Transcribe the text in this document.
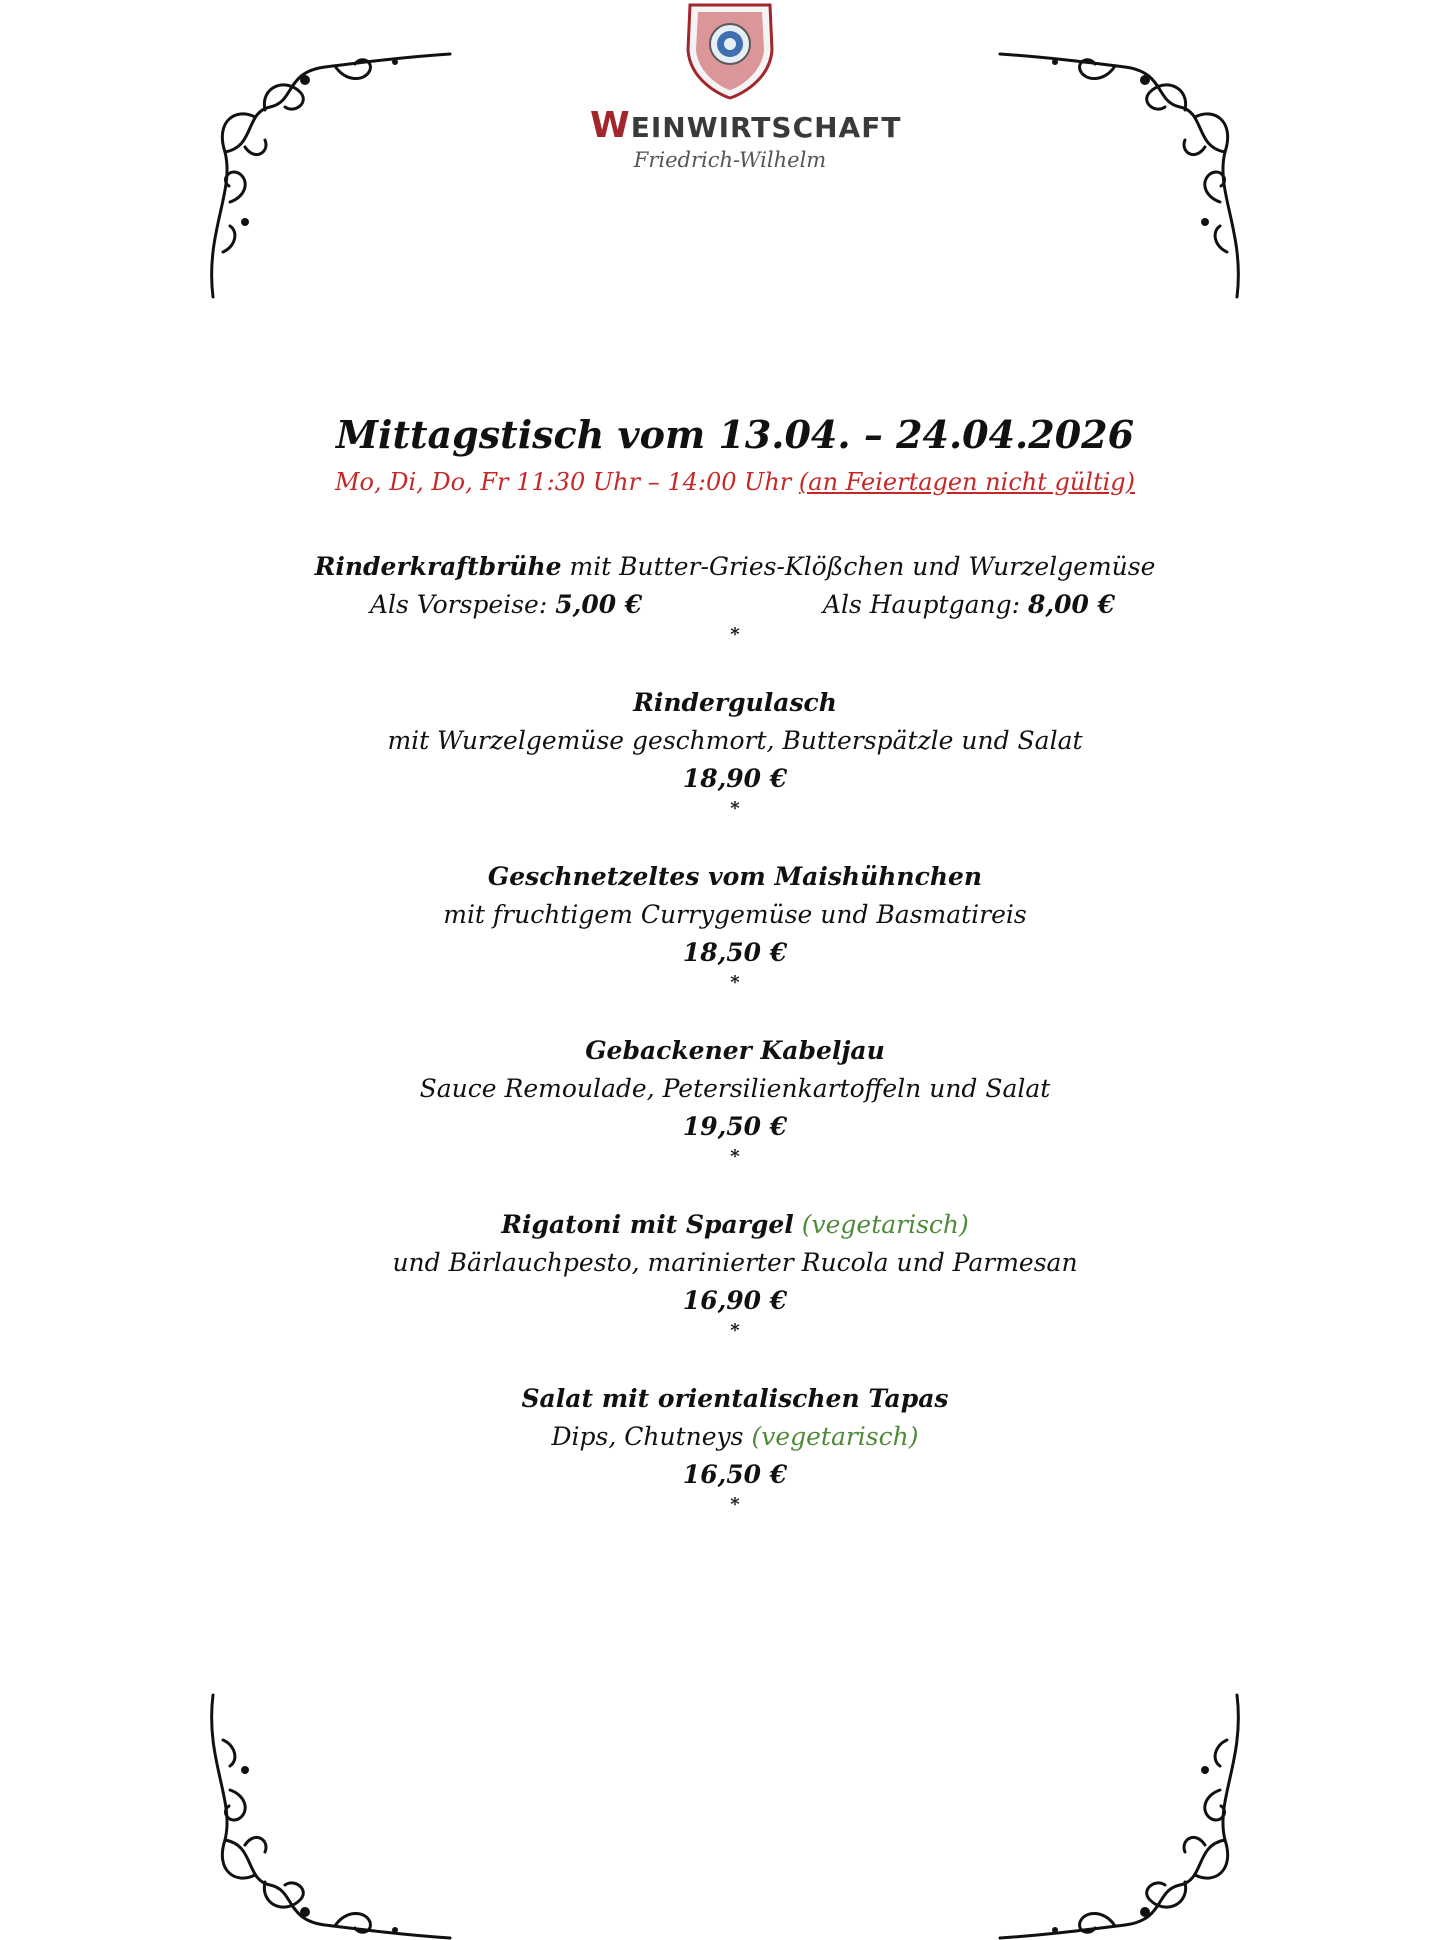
WEINWIRTSCHAFT
Friedrich-Wilhelm
Mittagstisch vom 13.04. – 24.04.2026
Mo, Di, Do, Fr 11:30 Uhr – 14:00 Uhr (an Feiertagen nicht gültig)
Rinderkraftbrühe mit Butter-Gries-Klößchen und Wurzelgemüse
Als Vorspeise: 5,00 €	Als Hauptgang: 8,00 €
*
Rindergulasch
mit Wurzelgemüse geschmort, Butterspätzle und Salat
18,90 €
*
Geschnetzeltes vom Maishühnchen
mit fruchtigem Currygemüse und Basmatireis
18,50 €
*
Gebackener Kabeljau
Sauce Remoulade, Petersilienkartoffeln und Salat
19,50 €
*
Rigatoni mit Spargel (vegetarisch)
und Bärlauchpesto, marinierter Rucola und Parmesan
16,90 €
*
Salat mit orientalischen Tapas
Dips, Chutneys (vegetarisch)
16,50 €
*
